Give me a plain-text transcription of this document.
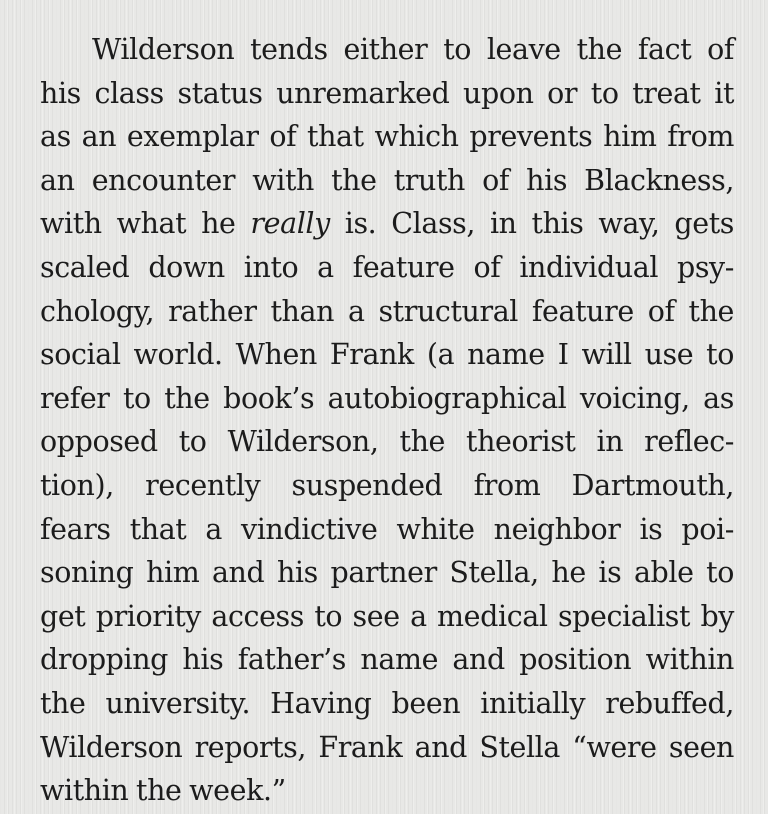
Wilderson tends either to leave the fact of
his class status unremarked upon or to treat it
as an exemplar of that which prevents him from
an encounter with the truth of his Blackness,
with what he really is. Class, in this way, gets
scaled down into a feature of individual psy-
chology, rather than a structural feature of the
social world. When Frank (a name I will use to
refer to the book’s autobiographical voicing, as
opposed to Wilderson, the theorist in reflec-
tion), recently suspended from Dartmouth,
fears that a vindictive white neighbor is poi-
soning him and his partner Stella, he is able to
get priority access to see a medical specialist by
dropping his father’s name and position within
the university. Having been initially rebuffed,
Wilderson reports, Frank and Stella “were seen
within the week.”
